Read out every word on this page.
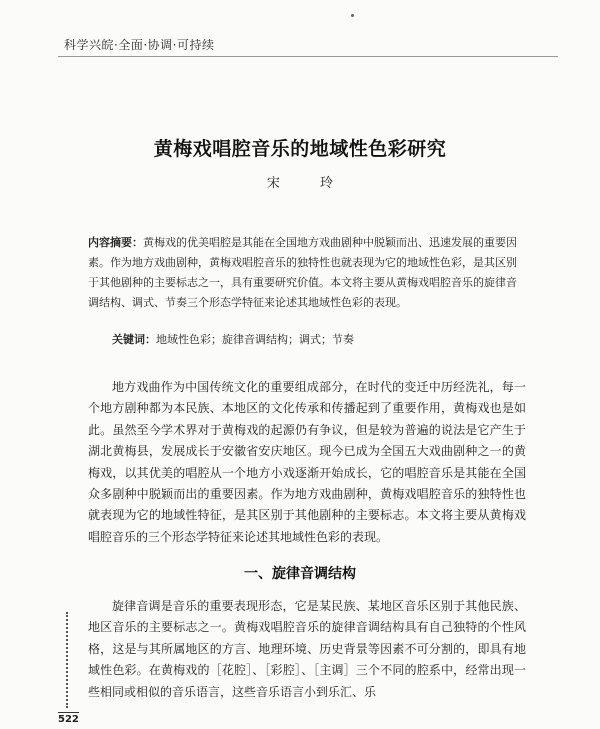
科学兴皖·全面·协调·可持续
黄梅戏唱腔音乐的地域性色彩研究
宋 玲
内容摘要：黄梅戏的优美唱腔是其能在全国地方戏曲剧种中脱颖而出、迅速发展的重要因素。作为地方戏曲剧种，黄梅戏唱腔音乐的独特性也就表现为它的地域性色彩，是其区别于其他剧种的主要标志之一，具有重要研究价值。本文将主要从黄梅戏唱腔音乐的旋律音调结构、调式、节奏三个形态学特征来论述其地域性色彩的表现。
关键词：地域性色彩；旋律音调结构；调式；节奏

地方戏曲作为中国传统文化的重要组成部分，在时代的变迁中历经洗礼，每一个地方剧种都为本民族、本地区的文化传承和传播起到了重要作用，黄梅戏也是如此。虽然至今学术界对于黄梅戏的起源仍有争议，但是较为普遍的说法是它产生于湖北黄梅县，发展成长于安徽省安庆地区。现今已成为全国五大戏曲剧种之一的黄梅戏，以其优美的唱腔从一个地方小戏逐渐开始成长，它的唱腔音乐是其能在全国众多剧种中脱颖而出的重要因素。作为地方戏曲剧种，黄梅戏唱腔音乐的独特性也就表现为它的地域性特征，是其区别于其他剧种的主要标志。本文将主要从黄梅戏唱腔音乐的三个形态学特征来论述其地域性色彩的表现。

一、旋律音调结构

旋律音调是音乐的重要表现形态，它是某民族、某地区音乐区别于其他民族、地区音乐的主要标志之一。黄梅戏唱腔音乐的旋律音调结构具有自己独特的个性风格，这是与其所属地区的方言、地理环境、历史背景等因素不可分割的，即具有地域性色彩。在黄梅戏的［花腔］、［彩腔］、［主调］三个不同的腔系中，经常出现一些相同或相似的音乐语言，这些音乐语言小到乐汇、乐

522
